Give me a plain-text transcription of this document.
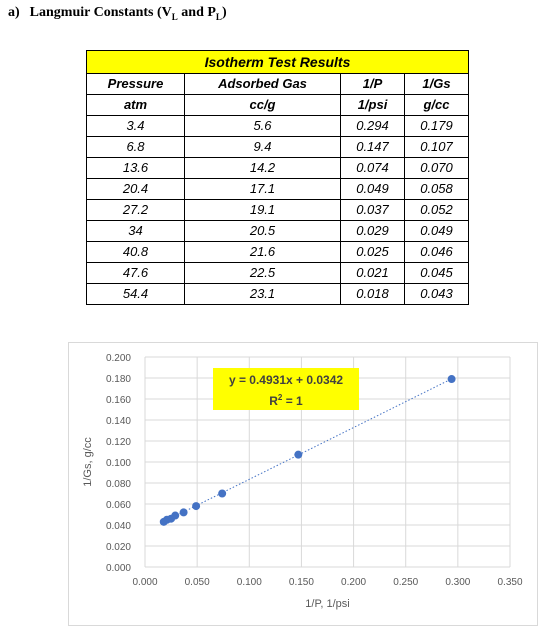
a) Langmuir Constants ($V_L$ and $P_L$)
Isotherm Test Results			
Pressure	Adsorbed Gas	1/P	1/Gs
atm	cc/g	1/psi	g/cc
3.4	5.6	0.294	0.179
6.8	9.4	0.147	0.107
13.6	14.2	0.074	0.070
20.4	17.1	0.049	0.058
27.2	19.1	0.037	0.052
34	20.5	0.029	0.049
40.8	21.6	0.025	0.046
47.6	22.5	0.021	0.045
54.4	23.1	0.018	0.043
0.000	0.050	0.100	0.150	0.200	0.250	0.300	0.350
0.000
0.020
0.040
0.060
0.080
0.100
0.120
0.140
0.160
0.180
0.200
1/P, 1/psi
1/Gs, g/cc
y = 0.4931x + 0.0342
$R^2 = 1$
